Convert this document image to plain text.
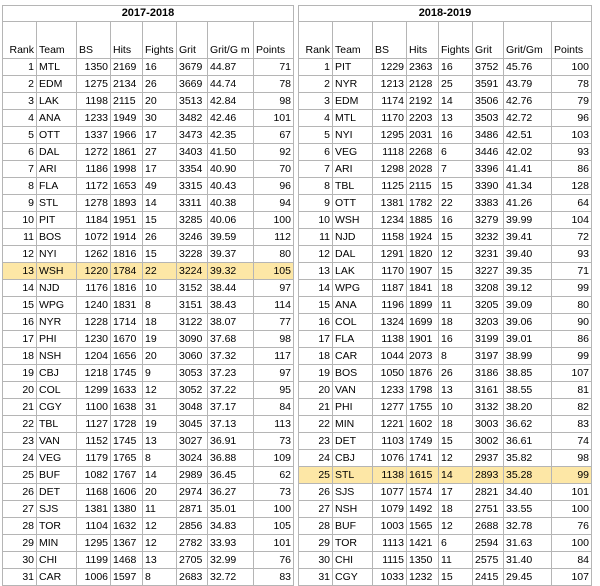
2017-2018							
Rank	Team	BS	Hits	Fights	Grit	Grit/G m	Points
1	MTL	1350	2169	16	3679	44.87	71
2	EDM	1275	2134	26	3669	44.74	78
3	LAK	1198	2115	20	3513	42.84	98
4	ANA	1233	1949	30	3482	42.46	101
5	OTT	1337	1966	17	3473	42.35	67
6	DAL	1272	1861	27	3403	41.50	92
7	ARI	1186	1998	17	3354	40.90	70
8	FLA	1172	1653	49	3315	40.43	96
9	STL	1278	1893	14	3311	40.38	94
10	PIT	1184	1951	15	3285	40.06	100
11	BOS	1072	1914	26	3246	39.59	112
12	NYI	1262	1816	15	3228	39.37	80
13	WSH	1220	1784	22	3224	39.32	105
14	NJD	1176	1816	10	3152	38.44	97
15	WPG	1240	1831	8	3151	38.43	114
16	NYR	1228	1714	18	3122	38.07	77
17	PHI	1230	1670	19	3090	37.68	98
18	NSH	1204	1656	20	3060	37.32	117
19	CBJ	1218	1745	9	3053	37.23	97
20	COL	1299	1633	12	3052	37.22	95
21	CGY	1100	1638	31	3048	37.17	84
22	TBL	1127	1728	19	3045	37.13	113
23	VAN	1152	1745	13	3027	36.91	73
24	VEG	1179	1765	8	3024	36.88	109
25	BUF	1082	1767	14	2989	36.45	62
26	DET	1168	1606	20	2974	36.27	73
27	SJS	1381	1380	11	2871	35.01	100
28	TOR	1104	1632	12	2856	34.83	105
29	MIN	1295	1367	12	2782	33.93	101
30	CHI	1199	1468	13	2705	32.99	76
31	CAR	1006	1597	8	2683	32.72	83
2018-2019							
Rank	Team	BS	Hits	Fights	Grit	Grit/Gm	Points
1	PIT	1229	2363	16	3752	45.76	100
2	NYR	1213	2128	25	3591	43.79	78
3	EDM	1174	2192	14	3506	42.76	79
4	MTL	1170	2203	13	3503	42.72	96
5	NYI	1295	2031	16	3486	42.51	103
6	VEG	1118	2268	6	3446	42.02	93
7	ARI	1298	2028	7	3396	41.41	86
8	TBL	1125	2115	15	3390	41.34	128
9	OTT	1381	1782	22	3383	41.26	64
10	WSH	1234	1885	16	3279	39.99	104
11	NJD	1158	1924	15	3232	39.41	72
12	DAL	1291	1820	12	3231	39.40	93
13	LAK	1170	1907	15	3227	39.35	71
14	WPG	1187	1841	18	3208	39.12	99
15	ANA	1196	1899	11	3205	39.09	80
16	COL	1324	1699	18	3203	39.06	90
17	FLA	1138	1901	16	3199	39.01	86
18	CAR	1044	2073	8	3197	38.99	99
19	BOS	1050	1876	26	3186	38.85	107
20	VAN	1233	1798	13	3161	38.55	81
21	PHI	1277	1755	10	3132	38.20	82
22	MIN	1221	1602	18	3003	36.62	83
23	DET	1103	1749	15	3002	36.61	74
24	CBJ	1076	1741	12	2937	35.82	98
25	STL	1138	1615	14	2893	35.28	99
26	SJS	1077	1574	17	2821	34.40	101
27	NSH	1079	1492	18	2751	33.55	100
28	BUF	1003	1565	12	2688	32.78	76
29	TOR	1113	1421	6	2594	31.63	100
30	CHI	1115	1350	11	2575	31.40	84
31	CGY	1033	1232	15	2415	29.45	107
